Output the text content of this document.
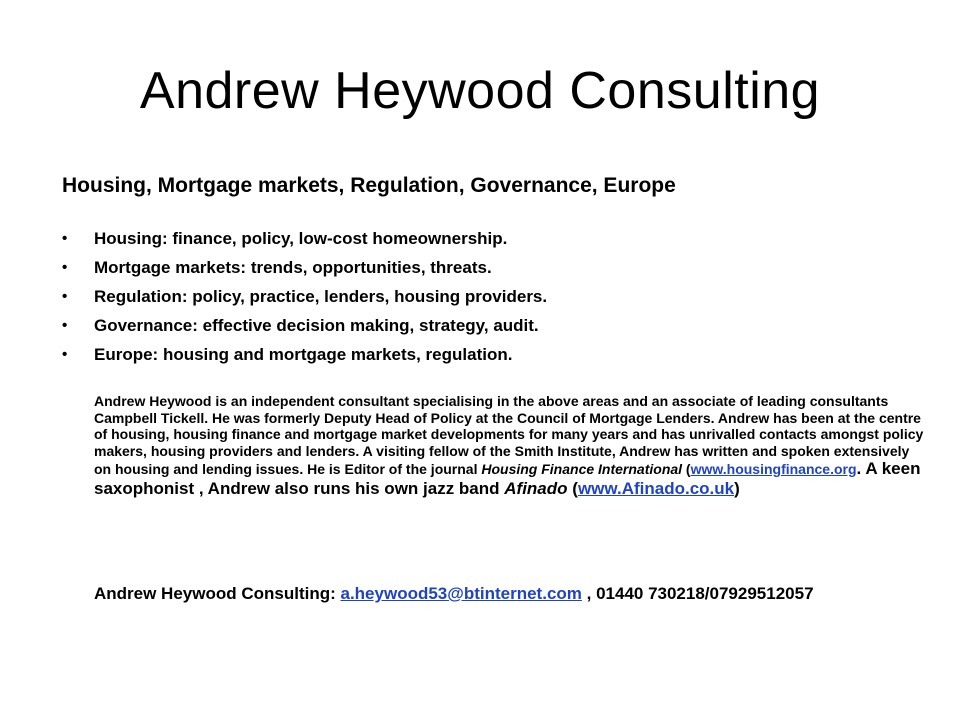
Andrew Heywood Consulting
Housing, Mortgage markets, Regulation, Governance, Europe
• Housing: finance, policy, low-cost homeownership.
• Mortgage markets: trends, opportunities, threats.
• Regulation: policy, practice, lenders, housing providers.
• Governance: effective decision making, strategy, audit.
• Europe: housing and mortgage markets, regulation.
Andrew Heywood is an independent consultant specialising in the above areas and an associate of leading consultants Campbell Tickell. He was formerly Deputy Head of Policy at the Council of Mortgage Lenders. Andrew has been at the centre of housing, housing finance and mortgage market developments for many years and has unrivalled contacts amongst policy makers, housing providers and lenders. A visiting fellow of the Smith Institute, Andrew has written and spoken extensively on housing and lending issues. He is Editor of the journal Housing Finance International (www.housingfinance.org. A keen saxophonist , Andrew also runs his own jazz band Afinado (www.Afinado.co.uk)
Andrew Heywood Consulting: a.heywood53@btinternet.com , 01440 730218/07929512057
